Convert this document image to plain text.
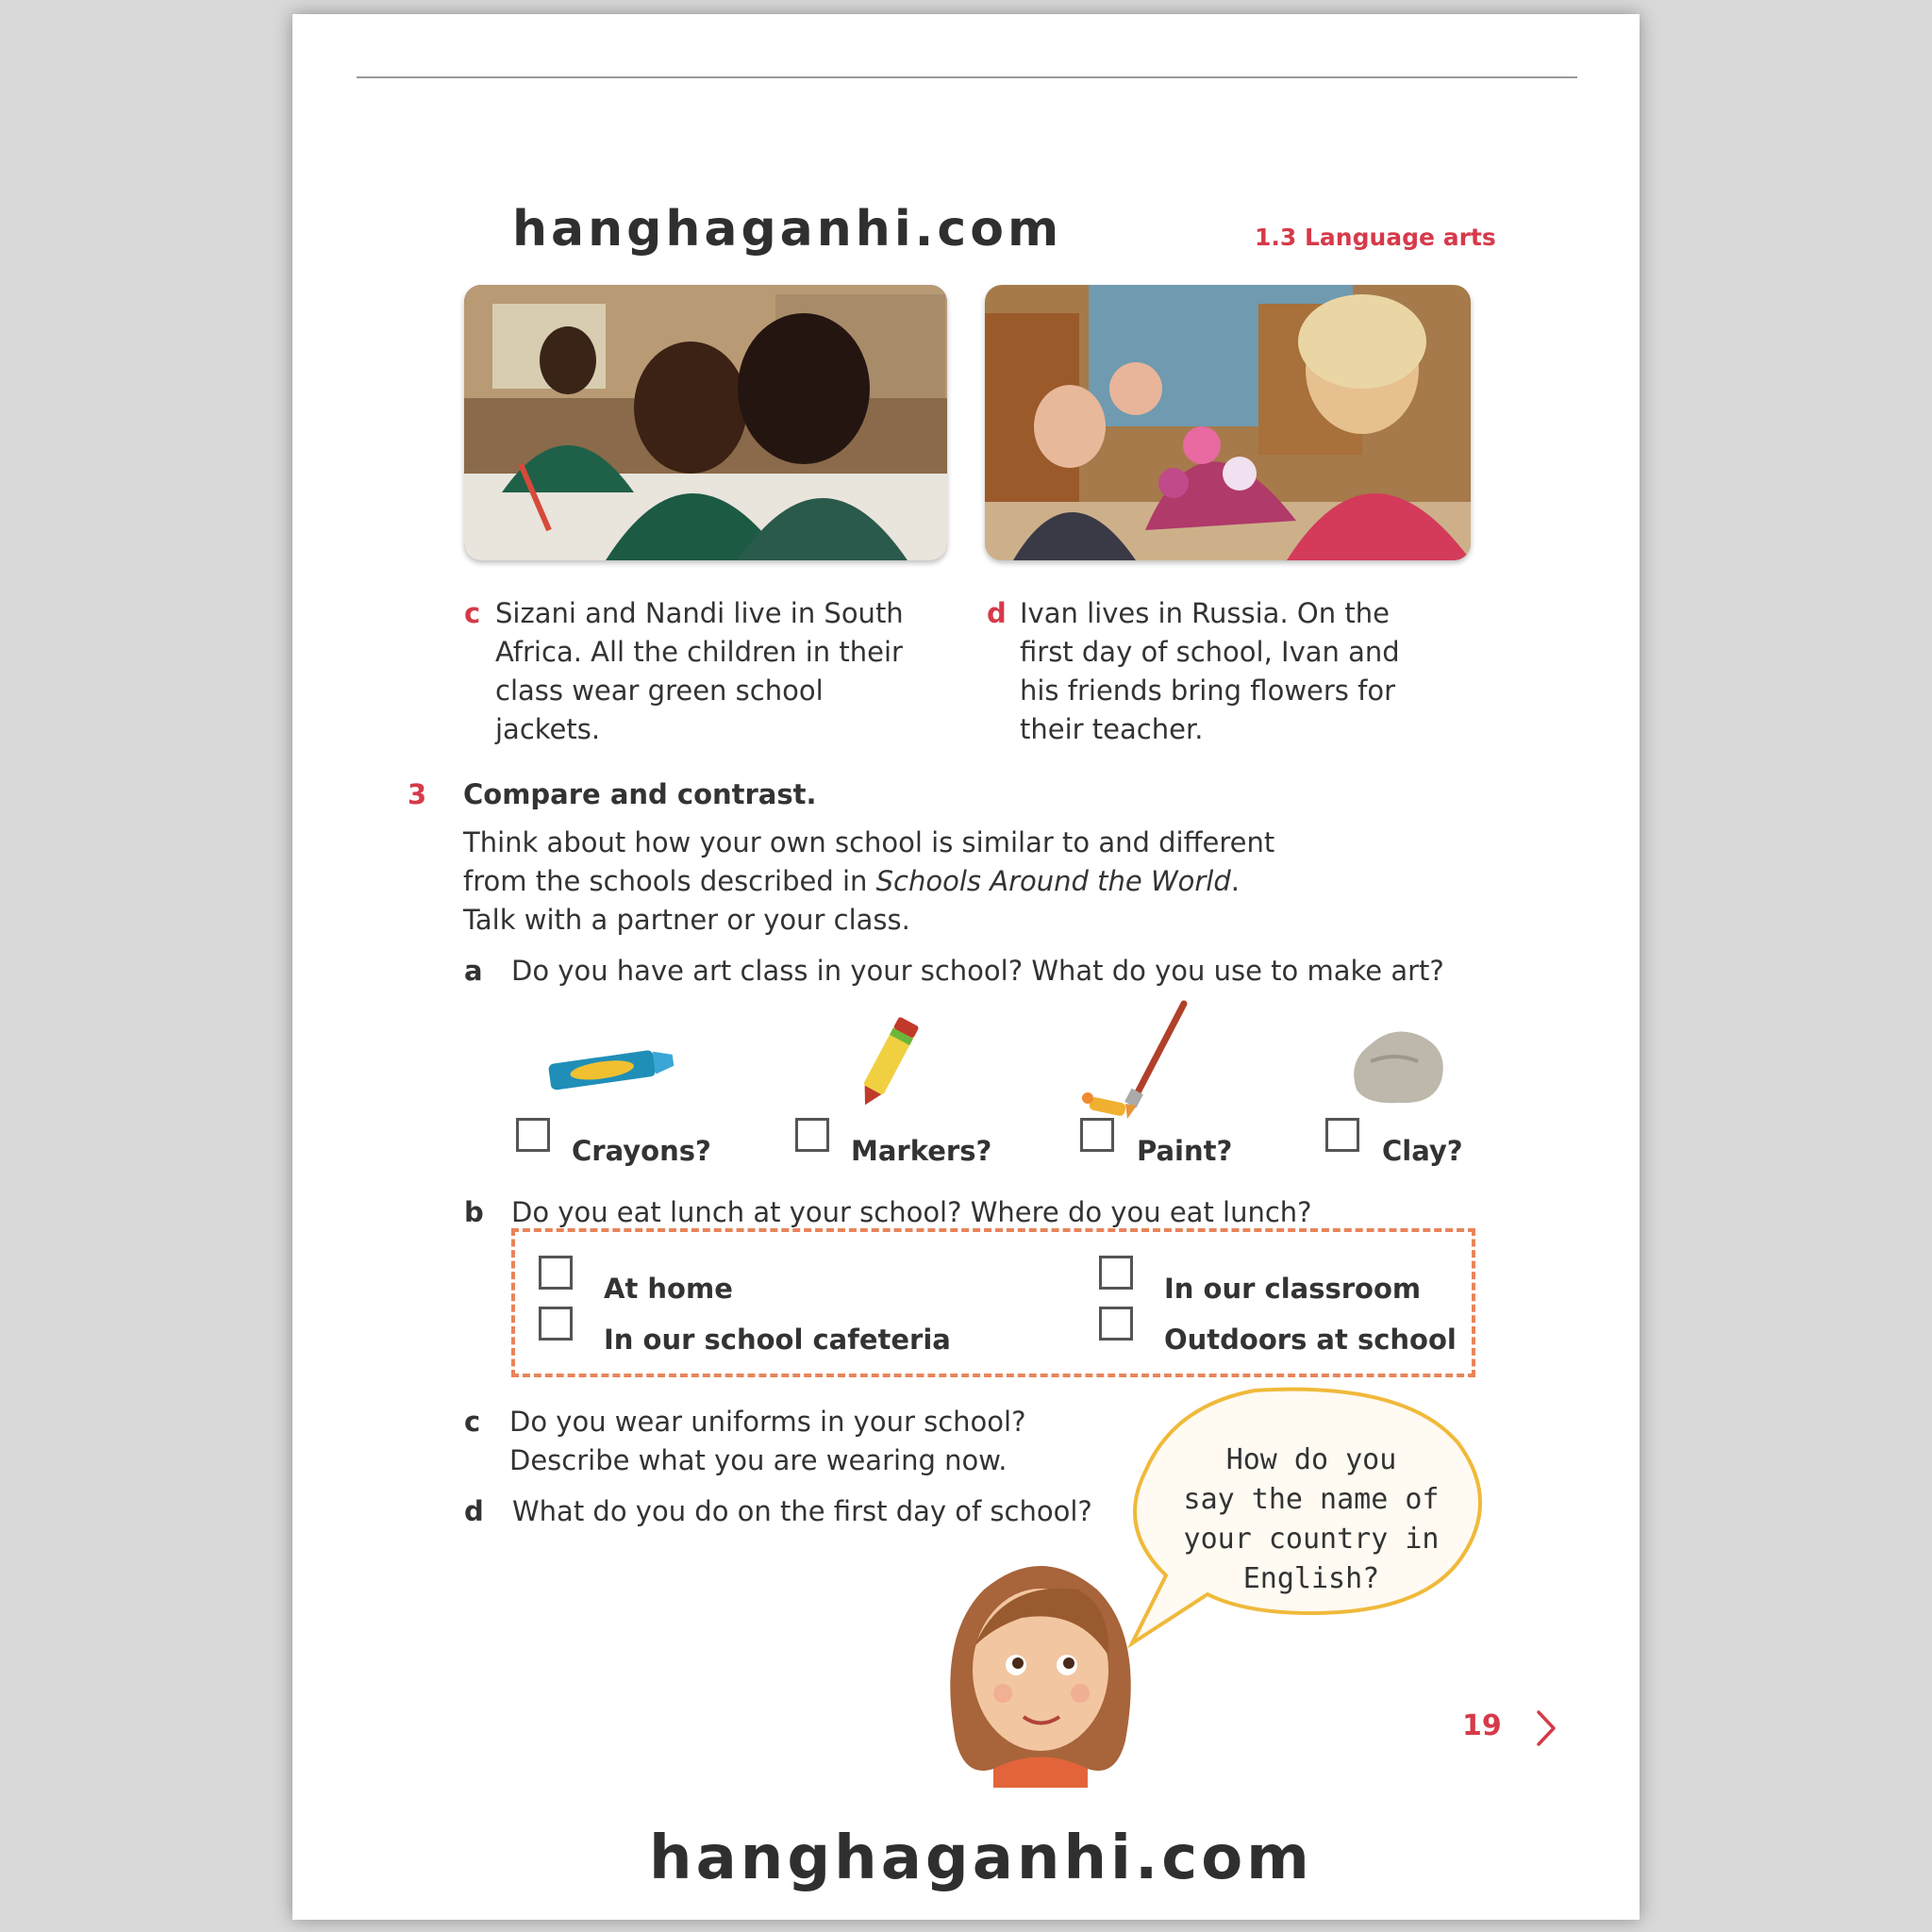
hanghaganhi.com	1.3 Language arts
c Sizani and Nandi live in South Africa. All the children in their class wear green school jackets.
d Ivan lives in Russia. On the first day of school, Ivan and his friends bring flowers for their teacher.
3 Compare and contrast.
Think about how your own school is similar to and different
from the schools described in Schools Around the World.
Talk with a partner or your class.
a Do you have art class in your school? What do you use to make art?
Crayons?	Markers?	Paint?	Clay?
b Do you eat lunch at your school? Where do you eat lunch?
At home	In our classroom
In our school cafeteria	Outdoors at school
c Do you wear uniforms in your school?
Describe what you are wearing now.
d What do you do on the first day of school?
How do you
say the name of
your country in
English?
19
hanghaganhi.com
